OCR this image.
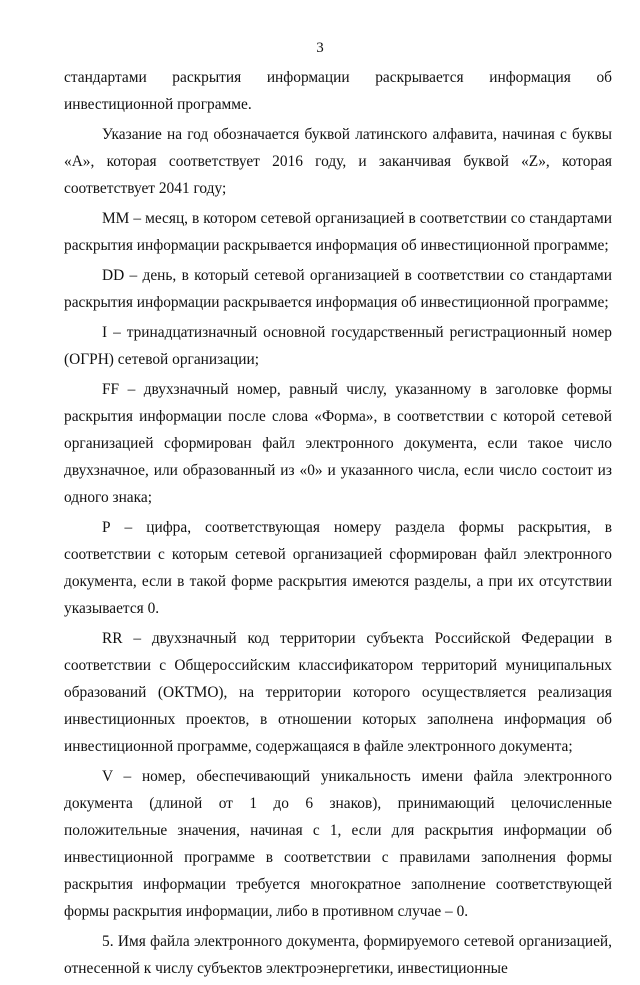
3

стандартами раскрытия информации раскрывается информация об инвестиционной программе.

Указание на год обозначается буквой латинского алфавита, начиная с буквы «А», которая соответствует 2016 году, и заканчивая буквой «Z», которая соответствует 2041 году;

ММ – месяц, в котором сетевой организацией в соответствии со стандартами раскрытия информации раскрывается информация об инвестиционной программе;

DD – день, в который сетевой организацией в соответствии со стандартами раскрытия информации раскрывается информация об инвестиционной программе;

I – тринадцатизначный основной государственный регистрационный номер (ОГРН) сетевой организации;

FF – двухзначный номер, равный числу, указанному в заголовке формы раскрытия информации после слова «Форма», в соответствии с которой сетевой организацией сформирован файл электронного документа, если такое число двухзначное, или образованный из «0» и указанного числа, если число состоит из одного знака;

Р – цифра, соответствующая номеру раздела формы раскрытия, в соответствии с которым сетевой организацией сформирован файл электронного документа, если в такой форме раскрытия имеются разделы, а при их отсутствии указывается 0.

RR – двухзначный код территории субъекта Российской Федерации в соответствии с Общероссийским классификатором территорий муниципальных образований (ОКТМО), на территории которого осуществляется реализация инвестиционных проектов, в отношении которых заполнена информация об инвестиционной программе, содержащаяся в файле электронного документа;

V – номер, обеспечивающий уникальность имени файла электронного документа (длиной от 1 до 6 знаков), принимающий целочисленные положительные значения, начиная с 1, если для раскрытия информации об инвестиционной программе в соответствии с правилами заполнения формы раскрытия информации требуется многократное заполнение соответствующей формы раскрытия информации, либо в противном случае – 0.

5. Имя файла электронного документа, формируемого сетевой организацией, отнесенной к числу субъектов электроэнергетики, инвестиционные
